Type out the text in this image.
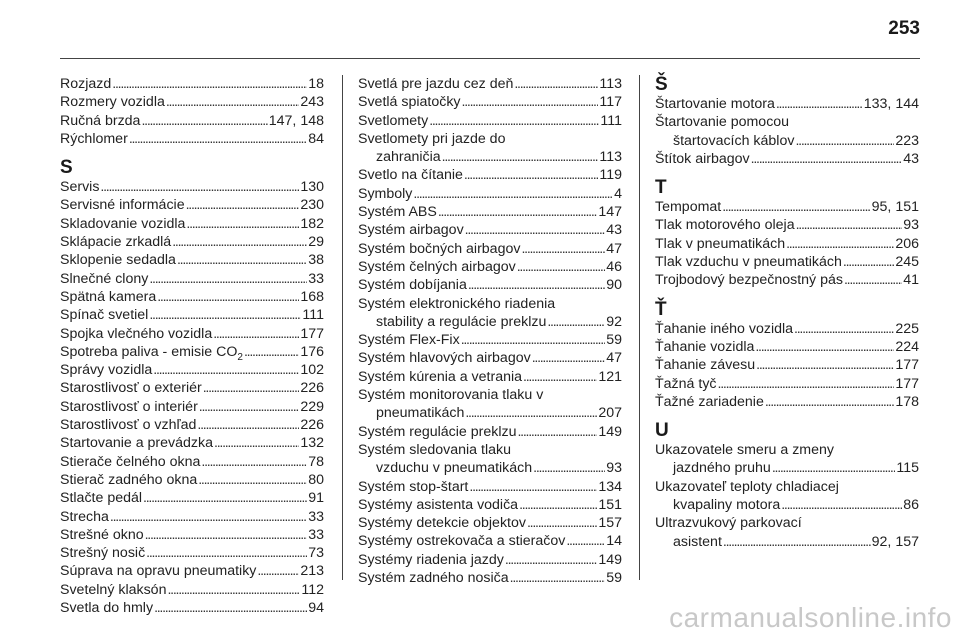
253
Rozjazd . . .	18
Rozmery vozidla . . .	243
Ručná brzda . . .	147, 148
Rýchlomer . . .	84
S
Servis . . .	130
Servisné informácie . . .	230
Skladovanie vozidla . . .	182
Sklápacie zrkadlá . . .	29
Sklopenie sedadla . . .	38
Slnečné clony . . .	33
Spätná kamera . . .	168
Spínač svetiel . . .	111
Spojka vlečného vozidla . . .	177
Spotreba paliva - emisie $CO_2$ . . .	176
Správy vozidla . . .	102
Starostlivosť o exteriér . . .	226
Starostlivosť o interiér . . .	229
Starostlivosť o vzhľad . . .	226
Startovanie a prevádzka . . .	132
Stierače čelného okna . . .	78
Stierač zadného okna . . .	80
Stlačte pedál . . .	91
Strecha . . .	33
Strešné okno . . .	33
Strešný nosič . . .	73
Súprava na opravu pneumatiky . . .	213
Svetelný klaksón . . .	112
Svetla do hmly . . .	94
Svetlá pre jazdu cez deň . . .	113
Svetlá spiatočky . . .	117
Svetlomety . . .	111
Svetlomety pri jazde do
zahraničia . . .	113
Svetlo na čítanie . . .	119
Symboly . . .	4
Systém ABS . . .	147
Systém airbagov . . .	43
Systém bočných airbagov . . .	47
Systém čelných airbagov . . .	46
Systém dobíjania . . .	90
Systém elektronického riadenia
stability a regulácie preklzu . . .	92
Systém Flex-Fix . . .	59
Systém hlavových airbagov . . .	47
Systém kúrenia a vetrania . . .	121
Systém monitorovania tlaku v
pneumatikách . . .	207
Systém regulácie preklzu . . .	149
Systém sledovania tlaku
vzduchu v pneumatikách . . .	93
Systém stop-štart . . .	134
Systémy asistenta vodiča . . .	151
Systémy detekcie objektov . . .	157
Systémy ostrekovača a stieračov . . .	14
Systémy riadenia jazdy . . .	149
Systém zadného nosiča . . .	59
Š
Štartovanie motora . . .	133, 144
Štartovanie pomocou
štartovacích káblov . . .	223
Štítok airbagov . . .	43
T
Tempomat . . .	95, 151
Tlak motorového oleja . . .	93
Tlak v pneumatikách . . .	206
Tlak vzduchu v pneumatikách . . .	245
Trojbodový bezpečnostný pás . . .	41
Ť
Ťahanie iného vozidla . . .	225
Ťahanie vozidla . . .	224
Ťahanie závesu . . .	177
Ťažná tyč . . .	177
Ťažné zariadenie . . .	178
U
Ukazovatele smeru a zmeny
jazdného pruhu . . .	115
Ukazovateľ teploty chladiacej
kvapaliny motora . . .	86
Ultrazvukový parkovací
asistent . . .	92, 157
carmanualsonline.info
